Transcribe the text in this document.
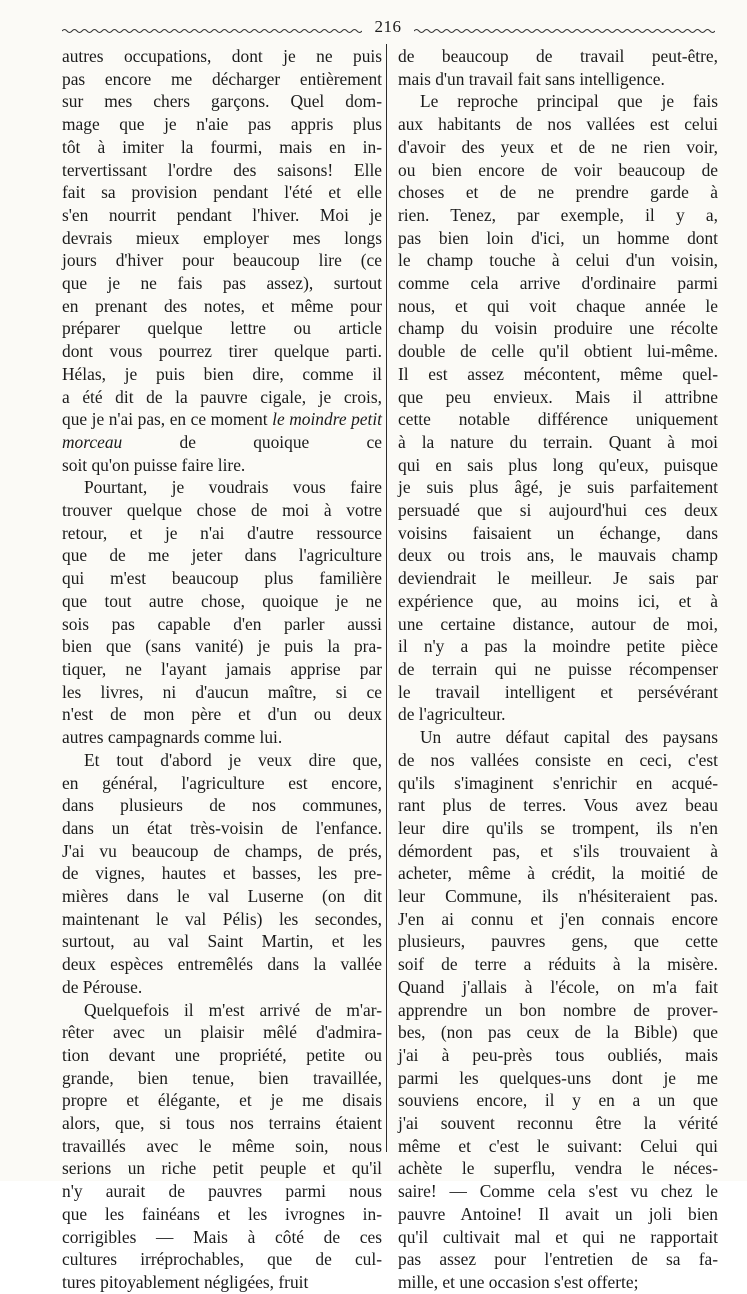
216

autres occupations, dont je ne puis

pas encore me décharger entièrement

sur mes chers garçons. Quel dom-

mage que je n'aie pas appris plus

tôt à imiter la fourmi, mais en in-

tervertissant l'ordre des saisons! Elle

fait sa provision pendant l'été et elle

s'en nourrit pendant l'hiver. Moi je

devrais mieux employer mes longs

jours d'hiver pour beaucoup lire (ce

que je ne fais pas assez), surtout

en prenant des notes, et même pour

préparer quelque lettre ou article

dont vous pourrez tirer quelque parti.

Hélas, je puis bien dire, comme il

a été dit de la pauvre cigale, je crois,

que je n'ai pas, en ce moment le moindre petit morceau	de quoique ce

soit qu'on puisse faire lire.

Pourtant, je voudrais vous faire

trouver quelque chose de moi à votre

retour, et je n'ai d'autre ressource

que de me jeter dans l'agriculture

qui m'est beaucoup plus familière

que tout autre chose, quoique je ne

sois pas capable d'en parler aussi

bien que (sans vanité) je puis la pra-

tiquer, ne l'ayant jamais apprise par

les livres, ni d'aucun maître, si ce

n'est de mon père et d'un ou deux

autres campagnards comme lui.

Et tout d'abord je veux dire que,

en général, l'agriculture est encore,

dans plusieurs de nos communes,

dans un état très-voisin de l'enfance.

J'ai vu beaucoup de champs, de prés,

de vignes, hautes et basses, les pre-

mières dans le val Luserne (on dit

maintenant le val Pélis) les secondes,

surtout, au val Saint Martin, et les

deux espèces entremêlés dans la vallée

de Pérouse.

Quelquefois il m'est arrivé de m'ar-

rêter avec un plaisir mêlé d'admira-

tion devant une propriété, petite ou

grande, bien tenue, bien travaillée,

propre et élégante, et je me disais

alors, que, si tous nos terrains étaient

travaillés avec le même soin, nous

serions un riche petit peuple et qu'il

n'y aurait de pauvres parmi nous

que les fainéans et les ivrognes in-

corrigibles — Mais à côté de ces

cultures irréprochables, que de cul-

tures pitoyablement négligées, fruit

de beaucoup de travail peut-être,

mais d'un travail fait sans intelligence.

Le reproche principal que je fais

aux habitants de nos vallées est celui

d'avoir des yeux et de ne rien voir,

ou bien encore de voir beaucoup de

choses et de ne prendre garde à

rien. Tenez, par exemple, il y a,

pas bien loin d'ici, un homme dont

le champ touche à celui d'un voisin,

comme cela arrive d'ordinaire parmi

nous, et qui voit chaque année le

champ du voisin produire une récolte

double de celle qu'il obtient lui-même.

Il est assez mécontent, même quel-

que peu envieux. Mais il attribne

cette notable différence uniquement

à la nature du terrain. Quant à moi

qui en sais plus long qu'eux, puisque

je suis plus âgé, je suis parfaitement

persuadé que si aujourd'hui ces deux

voisins faisaient un échange, dans

deux ou trois ans, le mauvais champ

deviendrait le meilleur. Je sais par

expérience que, au moins ici, et à

une certaine distance, autour de moi,

il n'y a pas la moindre petite pièce

de terrain qui ne puisse récompenser

le travail intelligent et persévérant

de l'agriculteur.

Un autre défaut capital des paysans

de nos vallées consiste en ceci, c'est

qu'ils s'imaginent s'enrichir en acqué-

rant plus de terres. Vous avez beau

leur dire qu'ils se trompent, ils n'en

démordent pas, et s'ils trouvaient à

acheter, même à crédit, la moitié de

leur Commune, ils n'hésiteraient pas.

J'en ai connu et j'en connais encore

plusieurs, pauvres gens, que cette

soif de terre a réduits à la misère.

Quand j'allais à l'école, on m'a fait

apprendre un bon nombre de prover-

bes, (non pas ceux de la Bible) que

j'ai à peu-près tous oubliés, mais

parmi les quelques-uns dont je me

souviens encore, il y en a un que

j'ai souvent reconnu être la vérité

même et c'est le suivant: Celui qui

achète le superflu, vendra le néces-

saire! — Comme cela s'est vu chez le

pauvre Antoine! Il avait un joli bien

qu'il cultivait mal et qui ne rapportait

pas assez pour l'entretien de sa fa-

mille, et une occasion s'est offerte;
